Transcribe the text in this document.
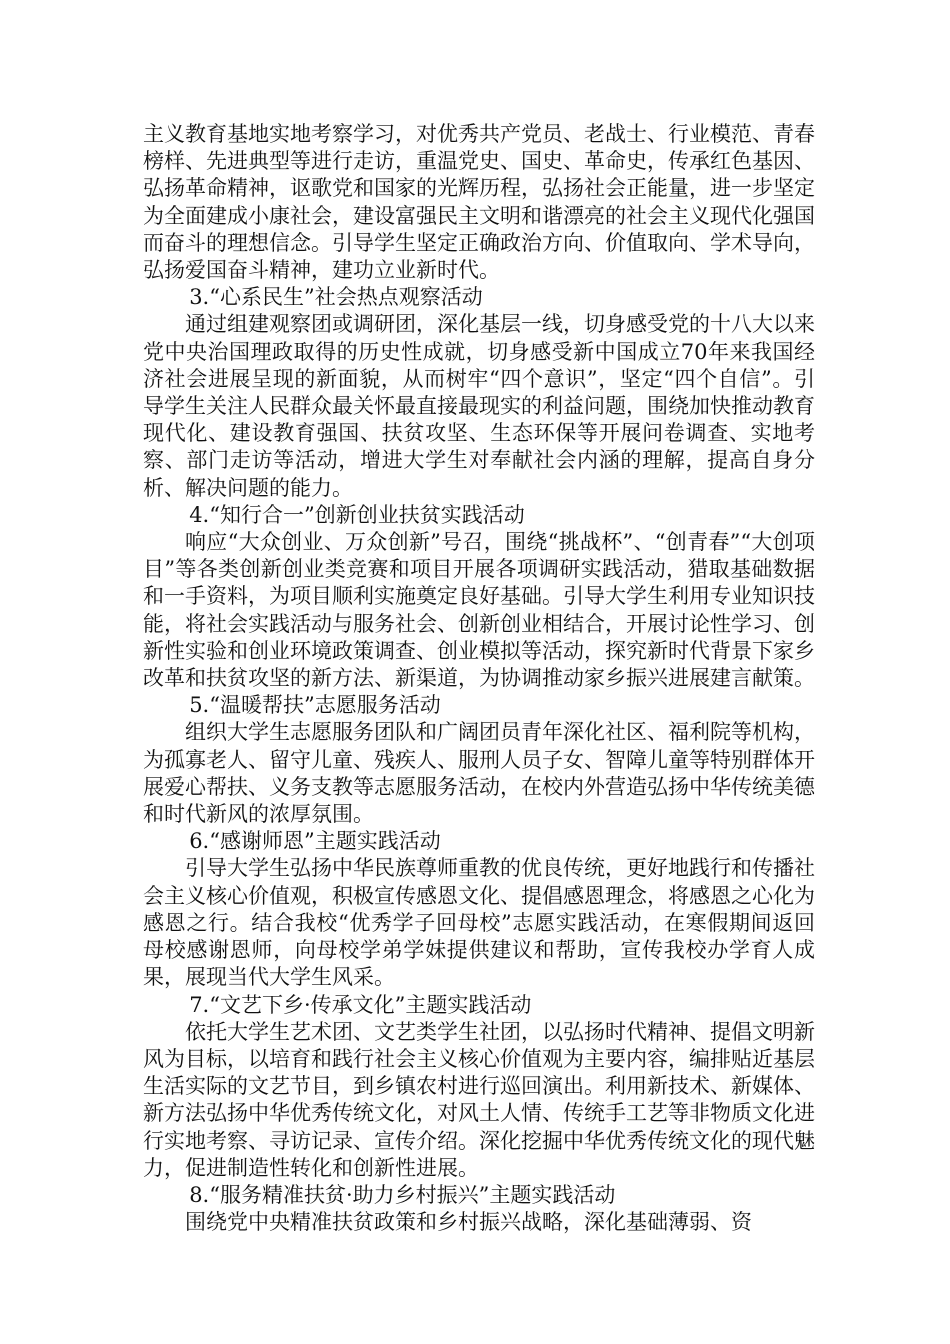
主义教育基地实地考察学习，对优秀共产党员、老战士、行业模范、青春榜样、先进典型等进行走访，重温党史、国史、革命史，传承红色基因、弘扬革命精神，讴歌党和国家的光辉历程，弘扬社会正能量，进一步坚定为全面建成小康社会，建设富强民主文明和谐漂亮的社会主义现代化强国而奋斗的理想信念。引导学生坚定正确政治方向、价值取向、学术导向，弘扬爱国奋斗精神，建功立业新时代。

3.“心系民生”社会热点观察活动

通过组建观察团或调研团，深化基层一线，切身感受党的十八大以来党中央治国理政取得的历史性成就，切身感受新中国成立70年来我国经济社会进展呈现的新面貌，从而树牢“四个意识”，坚定“四个自信”。引导学生关注人民群众最关怀最直接最现实的利益问题，围绕加快推动教育现代化、建设教育强国、扶贫攻坚、生态环保等开展问卷调查、实地考察、部门走访等活动，增进大学生对奉献社会内涵的理解，提高自身分析、解决问题的能力。

4.“知行合一”创新创业扶贫实践活动

响应“大众创业、万众创新”号召，围绕“挑战杯”、“创青春”“大创项目”等各类创新创业类竞赛和项目开展各项调研实践活动，猎取基础数据和一手资料，为项目顺利实施奠定良好基础。引导大学生利用专业知识技能，将社会实践活动与服务社会、创新创业相结合，开展讨论性学习、创新性实验和创业环境政策调查、创业模拟等活动，探究新时代背景下家乡改革和扶贫攻坚的新方法、新渠道，为协调推动家乡振兴进展建言献策。

5.“温暖帮扶”志愿服务活动

组织大学生志愿服务团队和广阔团员青年深化社区、福利院等机构，为孤寡老人、留守儿童、残疾人、服刑人员子女、智障儿童等特别群体开展爱心帮扶、义务支教等志愿服务活动，在校内外营造弘扬中华传统美德和时代新风的浓厚氛围。

6.“感谢师恩”主题实践活动

引导大学生弘扬中华民族尊师重教的优良传统，更好地践行和传播社会主义核心价值观，积极宣传感恩文化、提倡感恩理念，将感恩之心化为感恩之行。结合我校“优秀学子回母校”志愿实践活动，在寒假期间返回母校感谢恩师，向母校学弟学妹提供建议和帮助，宣传我校办学育人成果，展现当代大学生风采。

7.“文艺下乡·传承文化”主题实践活动

依托大学生艺术团、文艺类学生社团，以弘扬时代精神、提倡文明新风为目标，以培育和践行社会主义核心价值观为主要内容，编排贴近基层生活实际的文艺节目，到乡镇农村进行巡回演出。利用新技术、新媒体、新方法弘扬中华优秀传统文化，对风土人情、传统手工艺等非物质文化进行实地考察、寻访记录、宣传介绍。深化挖掘中华优秀传统文化的现代魅力，促进制造性转化和创新性进展。

8.“服务精准扶贫·助力乡村振兴”主题实践活动

围绕党中央精准扶贫政策和乡村振兴战略，深化基础薄弱、资
